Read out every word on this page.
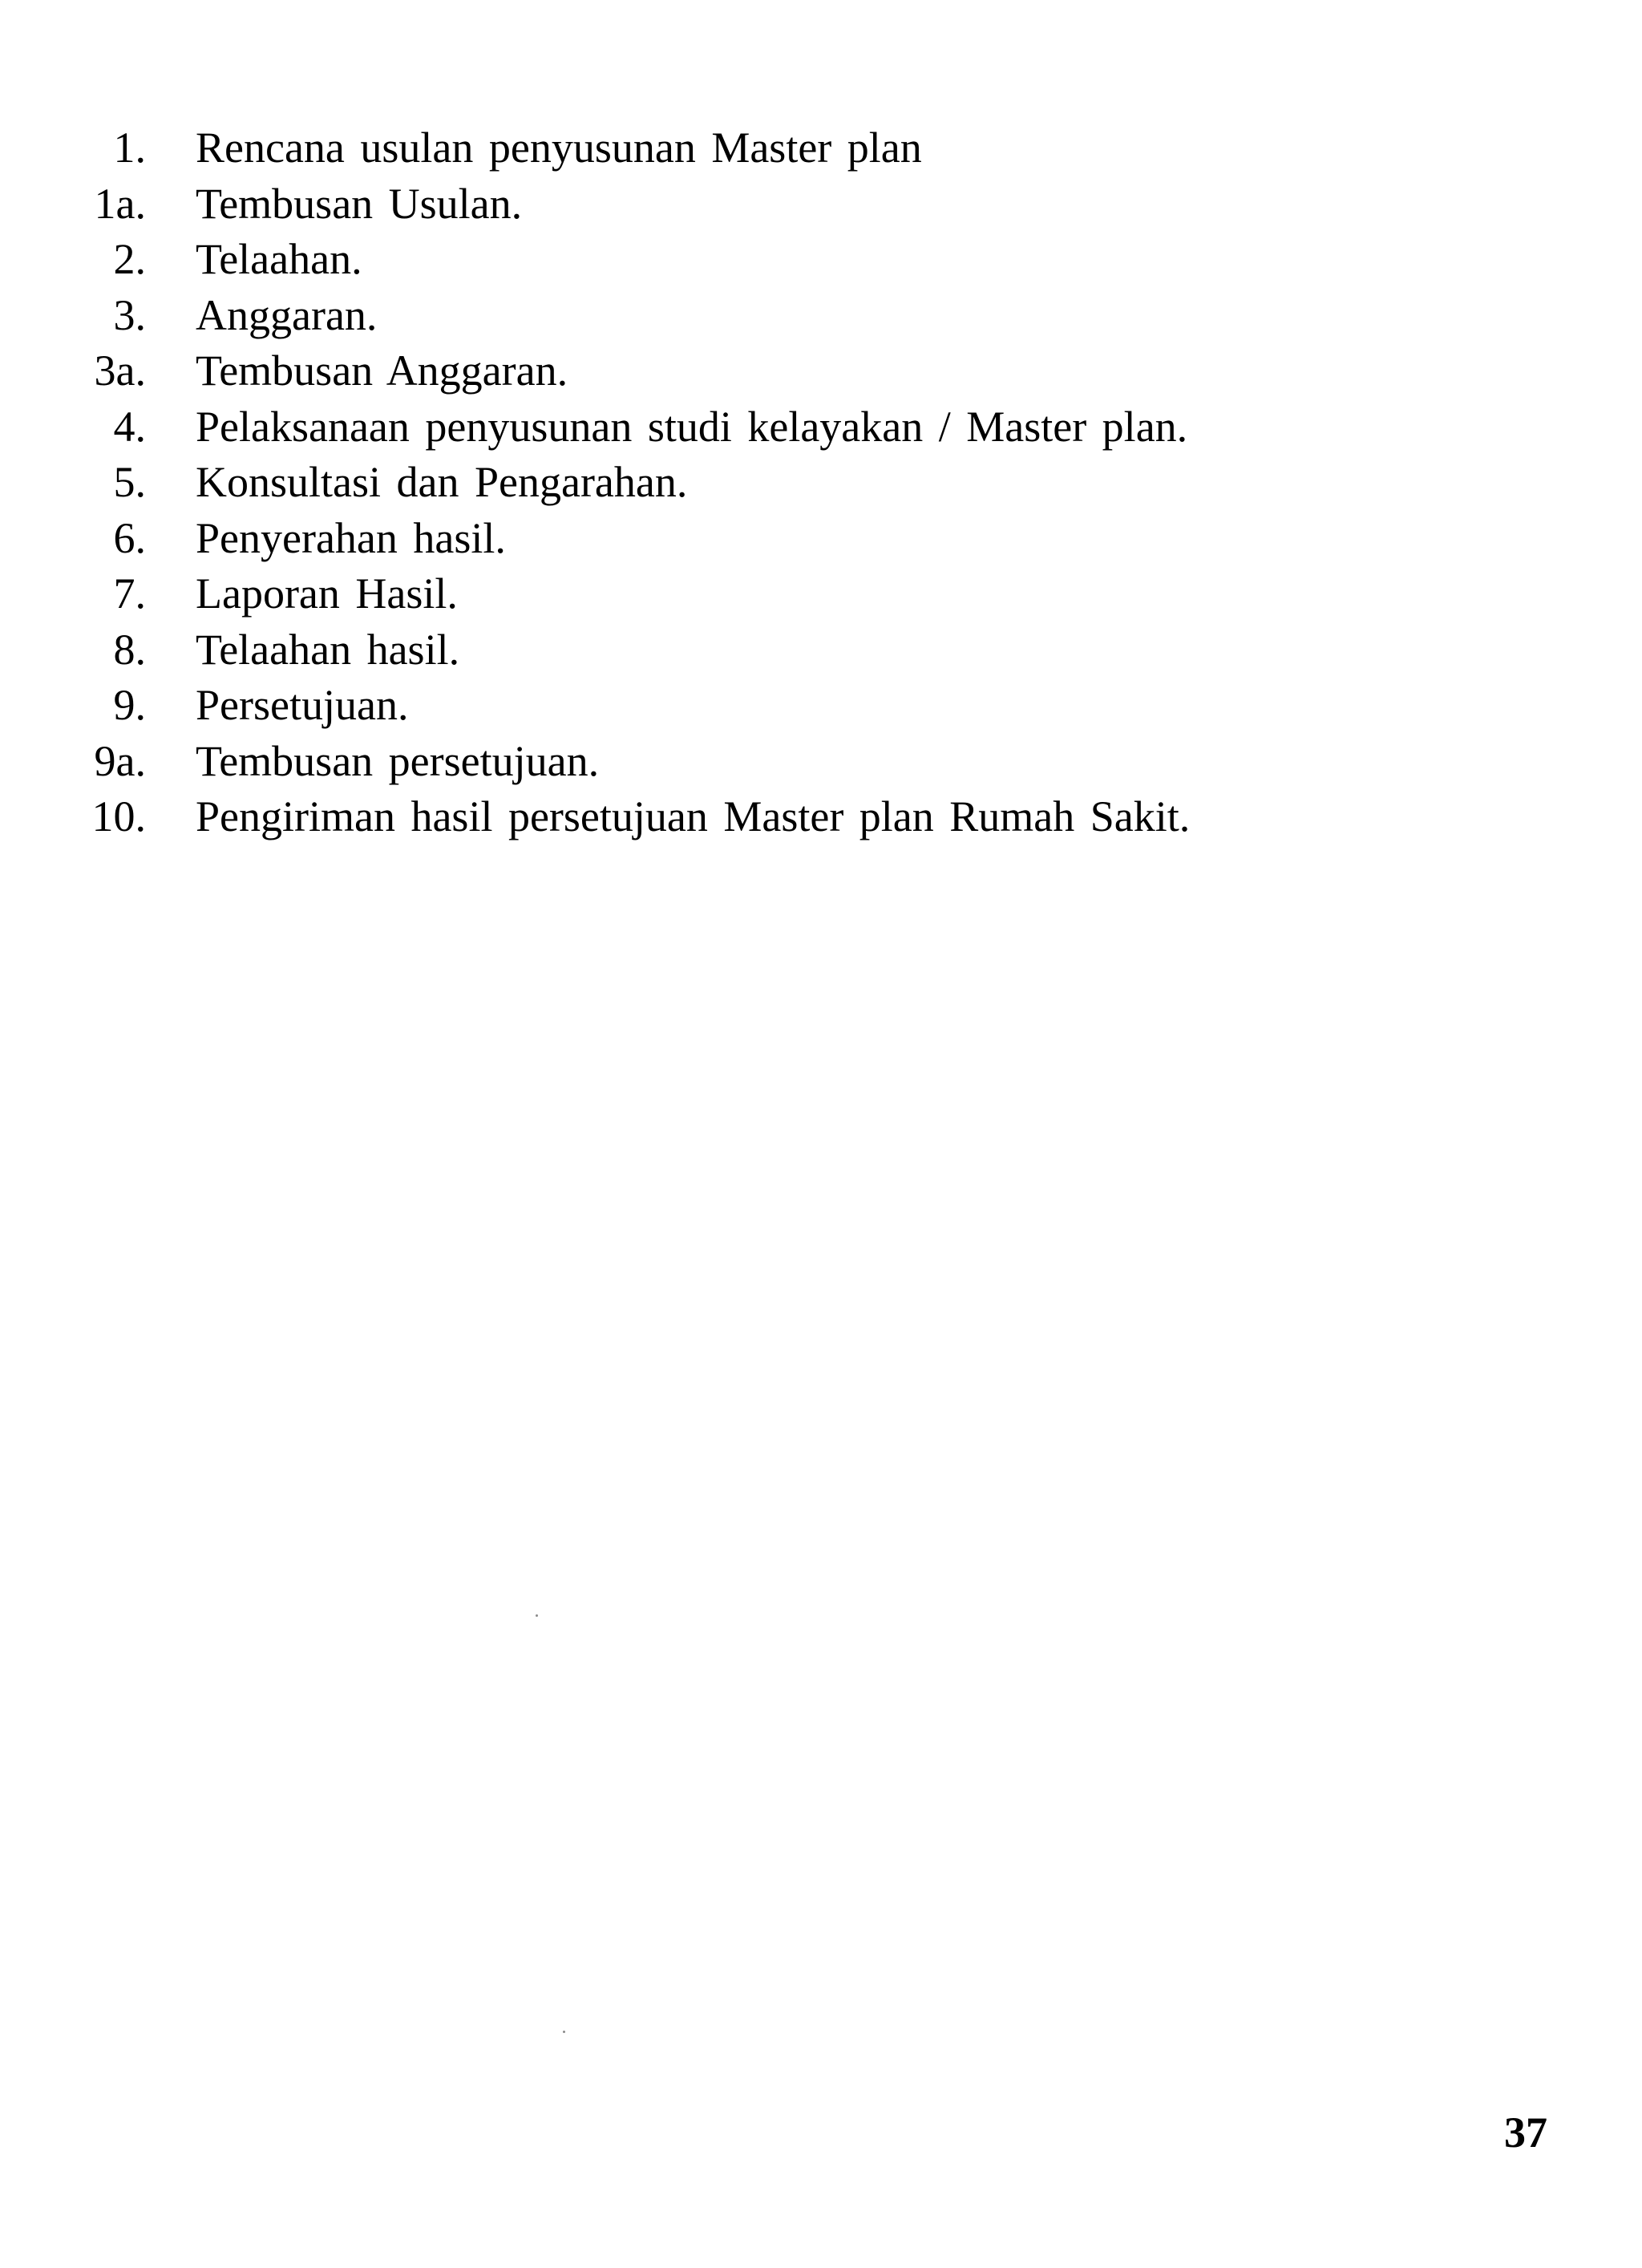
1.	Rencana usulan penyusunan Master plan
1a.	Tembusan Usulan.
2.	Telaahan.
3.	Anggaran.
3a.	Tembusan Anggaran.
4.	Pelaksanaan penyusunan studi kelayakan / Master plan.
5.	Konsultasi dan Pengarahan.
6.	Penyerahan hasil.
7.	Laporan Hasil.
8.	Telaahan hasil.
9.	Persetujuan.
9a.	Tembusan persetujuan.
10.	Pengiriman hasil persetujuan Master plan Rumah Sakit.
37
